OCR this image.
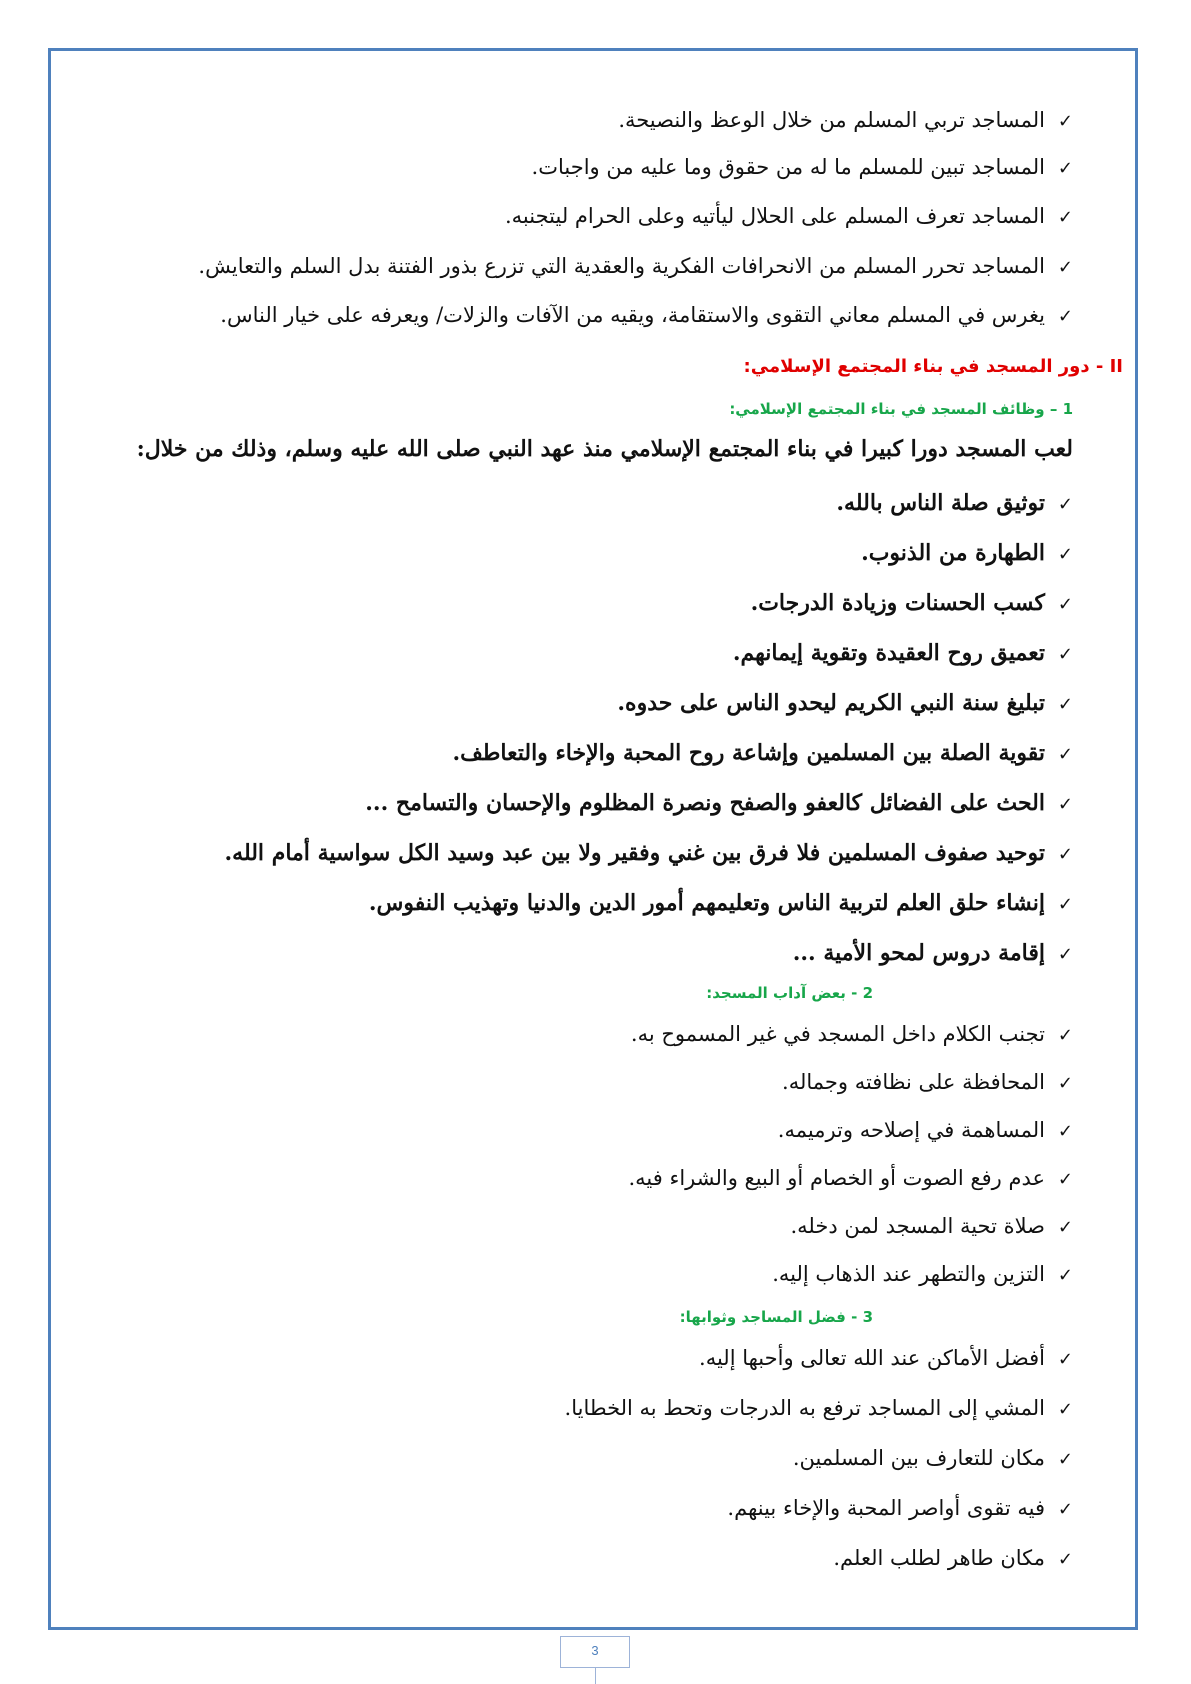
✓المساجد تربي المسلم من خلال الوعظ والنصيحة.
✓المساجد تبين للمسلم ما له من حقوق وما عليه من واجبات.
✓المساجد تعرف المسلم على الحلال ليأتيه وعلى الحرام ليتجنبه.
✓المساجد تحرر المسلم من الانحرافات الفكرية والعقدية التي تزرع بذور الفتنة بدل السلم والتعايش.
✓يغرس في المسلم معاني التقوى والاستقامة، ويقيه من الآفات والزلات/ ويعرفه على خيار الناس.
II - دور المسجد في بناء المجتمع الإسلامي:
1 – وظائف المسجد في بناء المجتمع الإسلامي:
لعب المسجد دورا كبيرا في بناء المجتمع الإسلامي منذ عهد النبي صلى الله عليه وسلم، وذلك من خلال:
✓توثيق صلة الناس بالله.
✓الطهارة من الذنوب.
✓كسب الحسنات وزيادة الدرجات.
✓تعميق روح العقيدة وتقوية إيمانهم.
✓تبليغ سنة النبي الكريم ليحدو الناس على حدوه.
✓تقوية الصلة بين المسلمين وإشاعة روح المحبة والإخاء والتعاطف.
✓الحث على الفضائل كالعفو والصفح ونصرة المظلوم والإحسان والتسامح ...
✓توحيد صفوف المسلمين فلا فرق بين غني وفقير ولا بين عبد وسيد الكل سواسية أمام الله.
✓إنشاء حلق العلم لتربية الناس وتعليمهم أمور الدين والدنيا وتهذيب النفوس.
✓إقامة دروس لمحو الأمية ...
2 - بعض آداب المسجد:
✓تجنب الكلام داخل المسجد في غير المسموح به.
✓المحافظة على نظافته وجماله.
✓المساهمة في إصلاحه وترميمه.
✓عدم رفع الصوت أو الخصام أو البيع والشراء فيه.
✓صلاة تحية المسجد لمن دخله.
✓التزين والتطهر عند الذهاب إليه.
3 - فضل المساجد وثوابها:
✓أفضل الأماكن عند الله تعالى وأحبها إليه.
✓المشي إلى المساجد ترفع به الدرجات وتحط به الخطايا.
✓مكان للتعارف بين المسلمين.
✓فيه تقوى أواصر المحبة والإخاء بينهم.
✓مكان طاهر لطلب العلم.
3
